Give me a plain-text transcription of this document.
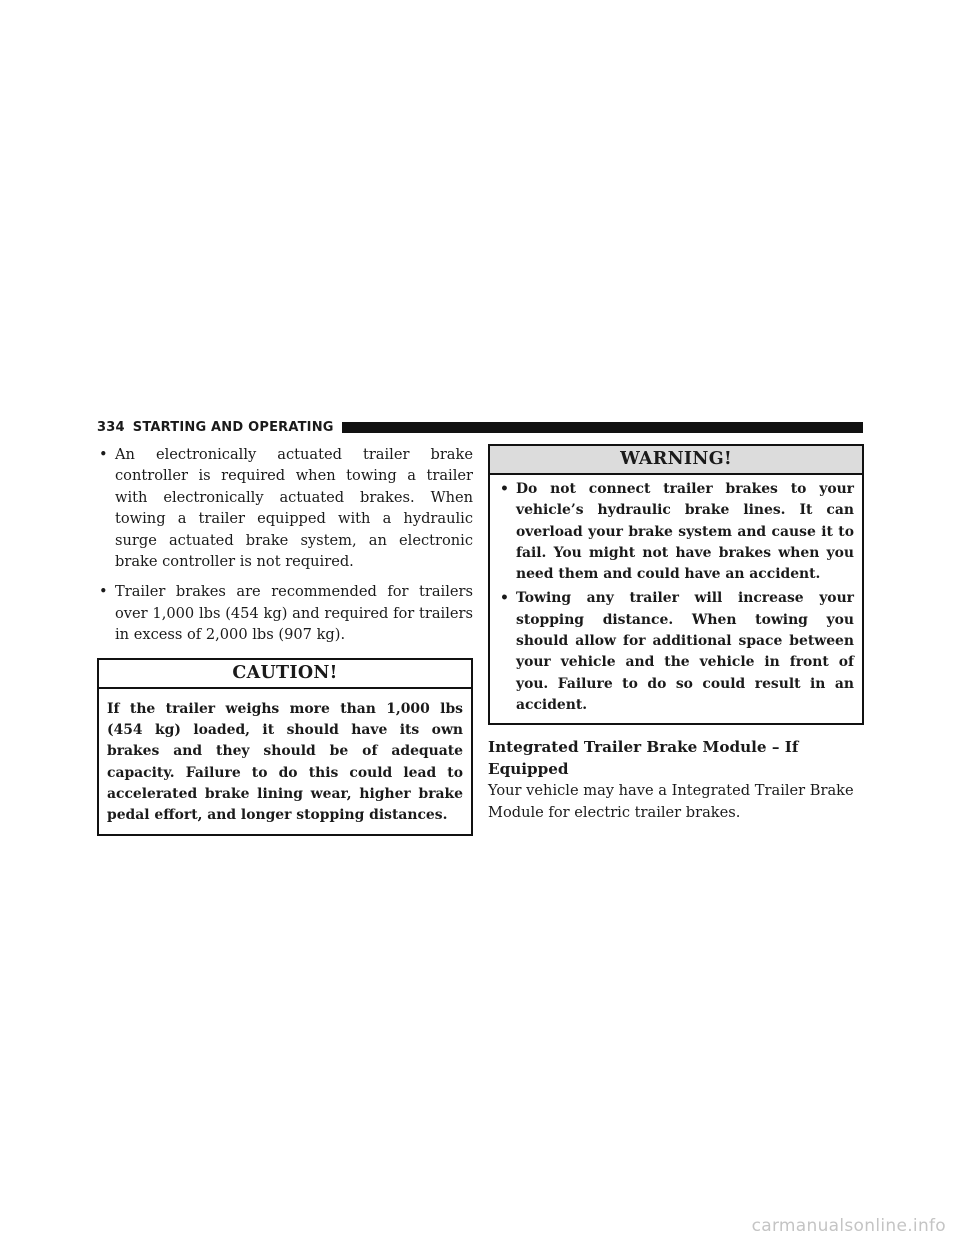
334 STARTING AND OPERATING
• An electronically actuated trailer brake controller is required when towing a trailer with electronically actuated brakes. When towing a trailer equipped with a hydraulic surge actuated brake system, an electronic brake controller is not required.
• Trailer brakes are recommended for trailers over 1,000 lbs (454 kg) and required for trailers in excess of 2,000 lbs (907 kg).
CAUTION!
If the trailer weighs more than 1,000 lbs (454 kg) loaded, it should have its own brakes and they should be of adequate capacity. Failure to do this could lead to accelerated brake lining wear, higher brake pedal effort, and longer stopping distances.
WARNING!
• Do not connect trailer brakes to your vehicle’s hydraulic brake lines. It can overload your brake system and cause it to fail. You might not have brakes when you need them and could have an accident.
• Towing any trailer will increase your stopping distance. When towing you should allow for additional space between your vehicle and the vehicle in front of you. Failure to do so could result in an accident.
Integrated Trailer Brake Module – If Equipped
Your vehicle may have a Integrated Trailer Brake Module for electric trailer brakes.
carmanualsonline.info
